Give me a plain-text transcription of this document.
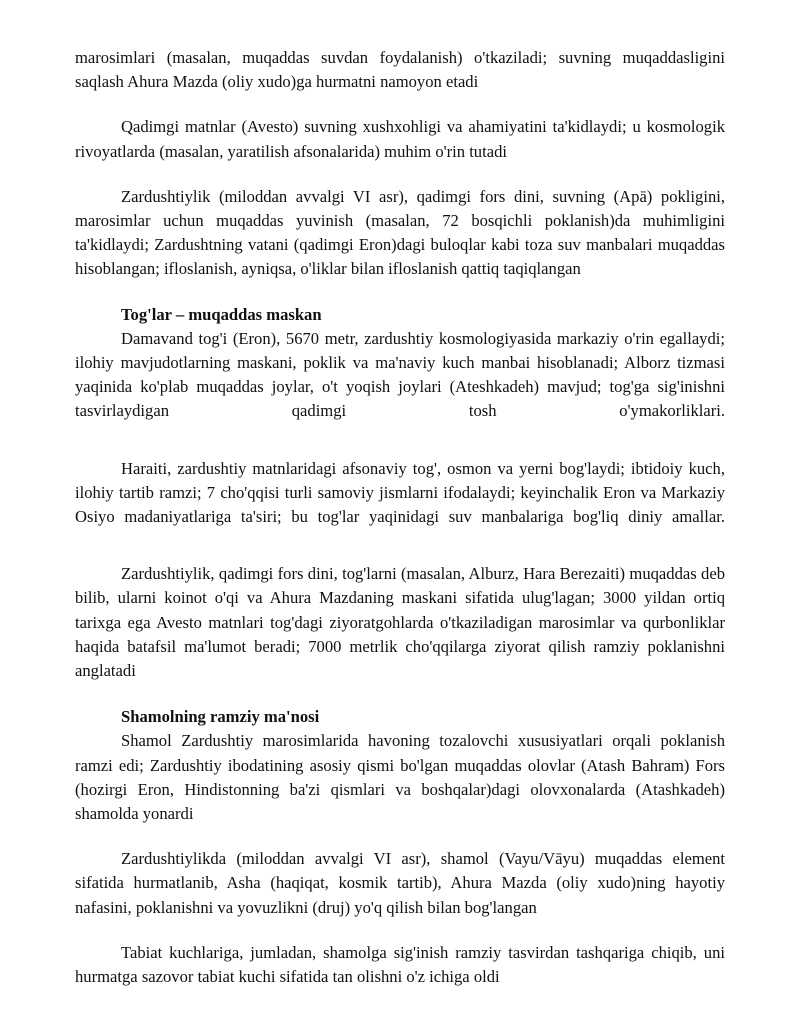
marosimlari (masalan, muqaddas suvdan foydalanish) o'tkaziladi; suvning muqaddasligini saqlash Ahura Mazda (oliy xudo)ga hurmatni namoyon etadi

Qadimgi matnlar (Avesto) suvning xushxohligi va ahamiyatini ta'kidlaydi; u kosmologik rivoyatlarda (masalan, yaratilish afsonalarida) muhim o'rin tutadi

Zardushtiylik (miloddan avvalgi VI asr), qadimgi fors dini, suvning (Apā) pokligini, marosimlar uchun muqaddas yuvinish (masalan, 72 bosqichli poklanish)da muhimligini ta'kidlaydi; Zardushtning vatani (qadimgi Eron)dagi buloqlar kabi toza suv manbalari muqaddas hisoblangan; ifloslanish, ayniqsa, o'liklar bilan ifloslanish qattiq taqiqlangan

Tog'lar – muqaddas maskan

Damavand tog'i (Eron), 5670 metr, zardushtiy kosmologiyasida markaziy o'rin egallaydi; ilohiy mavjudotlarning maskani, poklik va ma'naviy kuch manbai hisoblanadi; Alborz tizmasi yaqinida ko'plab muqaddas joylar, o't yoqish joylari (Ateshkadeh) mavjud; tog'ga sig'inishni tasvirlaydigan qadimgi tosh o'ymakorliklari.

Haraiti, zardushtiy matnlaridagi afsonaviy tog', osmon va yerni bog'laydi; ibtidoiy kuch, ilohiy tartib ramzi; 7 cho'qqisi turli samoviy jismlarni ifodalaydi; keyinchalik Eron va Markaziy Osiyo madaniyatlariga ta'siri; bu tog'lar yaqinidagi suv manbalariga bog'liq diniy amallar.

Zardushtiylik, qadimgi fors dini, tog'larni (masalan, Alburz, Hara Berezaiti) muqaddas deb bilib, ularni koinot o'qi va Ahura Mazdaning maskani sifatida ulug'lagan; 3000 yildan ortiq tarixga ega Avesto matnlari tog'dagi ziyoratgohlarda o'tkaziladigan marosimlar va qurbonliklar haqida batafsil ma'lumot beradi; 7000 metrlik cho'qqilarga ziyorat qilish ramziy poklanishni anglatadi

Shamolning ramziy ma'nosi

Shamol Zardushtiy marosimlarida havoning tozalovchi xususiyatlari orqali poklanish ramzi edi; Zardushtiy ibodatining asosiy qismi bo'lgan muqaddas olovlar (Atash Bahram) Fors (hozirgi Eron, Hindistonning ba'zi qismlari va boshqalar)dagi olovxonalarda (Atashkadeh) shamolda yonardi

Zardushtiylikda (miloddan avvalgi VI asr), shamol (Vayu/Vāyu) muqaddas element sifatida hurmatlanib, Asha (haqiqat, kosmik tartib), Ahura Mazda (oliy xudo)ning hayotiy nafasini, poklanishni va yovuzlikni (druj) yo'q qilish bilan bog'langan

Tabiat kuchlariga, jumladan, shamolga sig'inish ramziy tasvirdan tashqariga chiqib, uni hurmatga sazovor tabiat kuchi sifatida tan olishni o'z ichiga oldi
